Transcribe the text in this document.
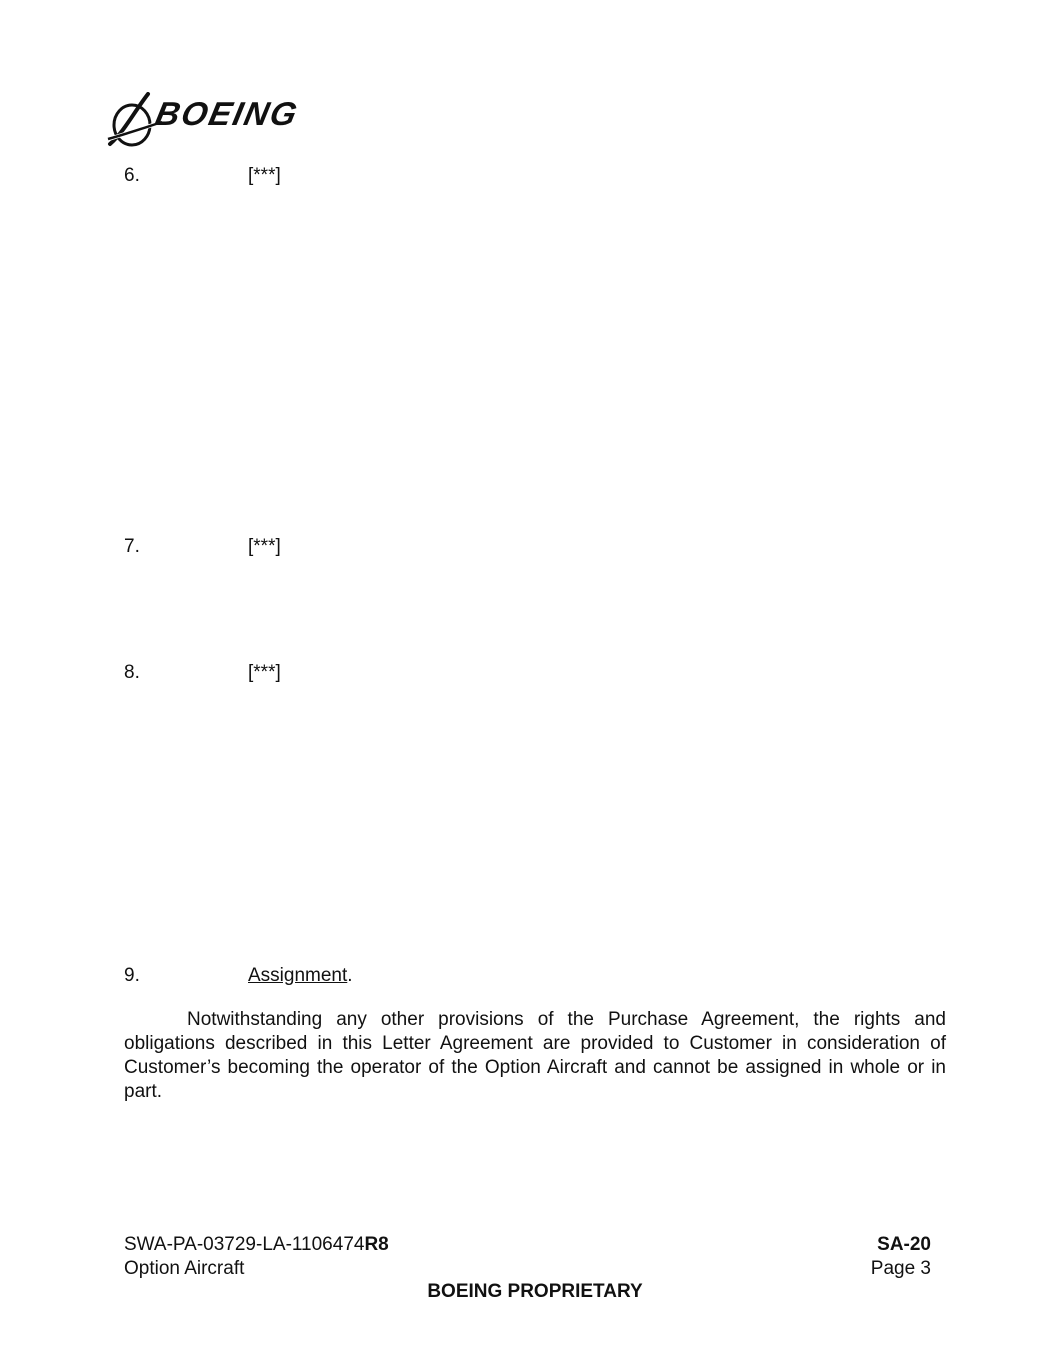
BOEING
6.	[***]
7.	[***]
8.	[***]
9.	Assignment.
Notwithstanding any other provisions of the Purchase Agreement, the rights and obligations described in this Letter Agreement are provided to Customer in consideration of Customer’s becoming the operator of the Option Aircraft and cannot be assigned in whole or in part.
SWA-PA-03729-LA-1106474R8
Option Aircraft
SA-20
Page 3
BOEING PROPRIETARY
